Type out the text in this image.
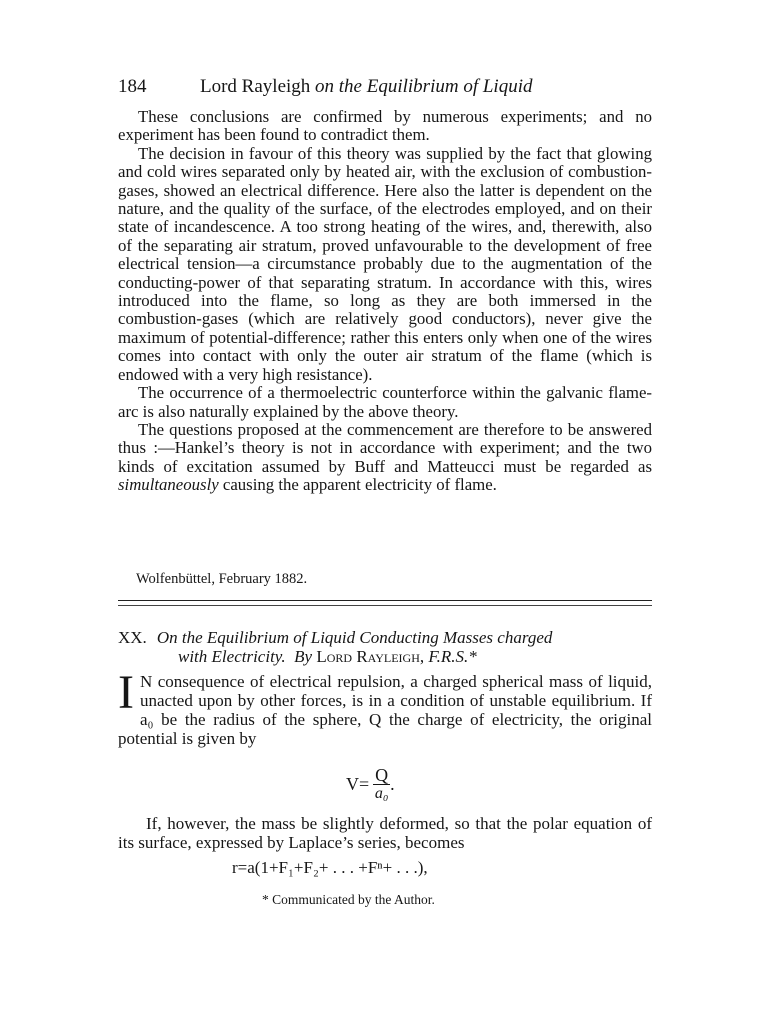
184	Lord Rayleigh on the Equilibrium of Liquid

These conclusions are confirmed by numerous experiments; and no experiment has been found to contradict them.

The decision in favour of this theory was supplied by the fact that glowing and cold wires separated only by heated air, with the exclusion of combustion-gases, showed an electrical difference. Here also the latter is dependent on the nature, and the quality of the surface, of the electrodes employed, and on their state of incandescence. A too strong heating of the wires, and, therewith, also of the separating air stratum, proved unfavourable to the development of free electrical tension—a circumstance probably due to the augmentation of the conducting-power of that separating stratum. In accordance with this, wires introduced into the flame, so long as they are both immersed in the combustion-gases (which are relatively good conductors), never give the maximum of potential-difference; rather this enters only when one of the wires comes into contact with only the outer air stratum of the flame (which is endowed with a very high resistance).

The occurrence of a thermoelectric counterforce within the galvanic flame-arc is also naturally explained by the above theory.

The questions proposed at the commencement are therefore to be answered thus :—Hankel’s theory is not in accordance with experiment; and the two kinds of excitation assumed by Buff and Matteucci must be regarded as simultaneously causing the apparent electricity of flame.

Wolfenbüttel, February 1882.
XX. On the Equilibrium of Liquid Conducting Masses charged
with Electricity. By Lord Rayleigh, F.R.S.*

I N consequence of electrical repulsion, a charged spherical mass of liquid, unacted upon by other forces, is in a condition of unstable equilibrium. If a₀ be the radius of the sphere, Q the charge of electricity, the original potential is given by

$V= \frac{Q}{\text{a₀}}$ .

If, however, the mass be slightly deformed, so that the polar equation of its surface, expressed by Laplace’s series, becomes

r=a(1+F₁+F₂+ . . . +Fⁿ+ . . .),
* Communicated by the Author.
